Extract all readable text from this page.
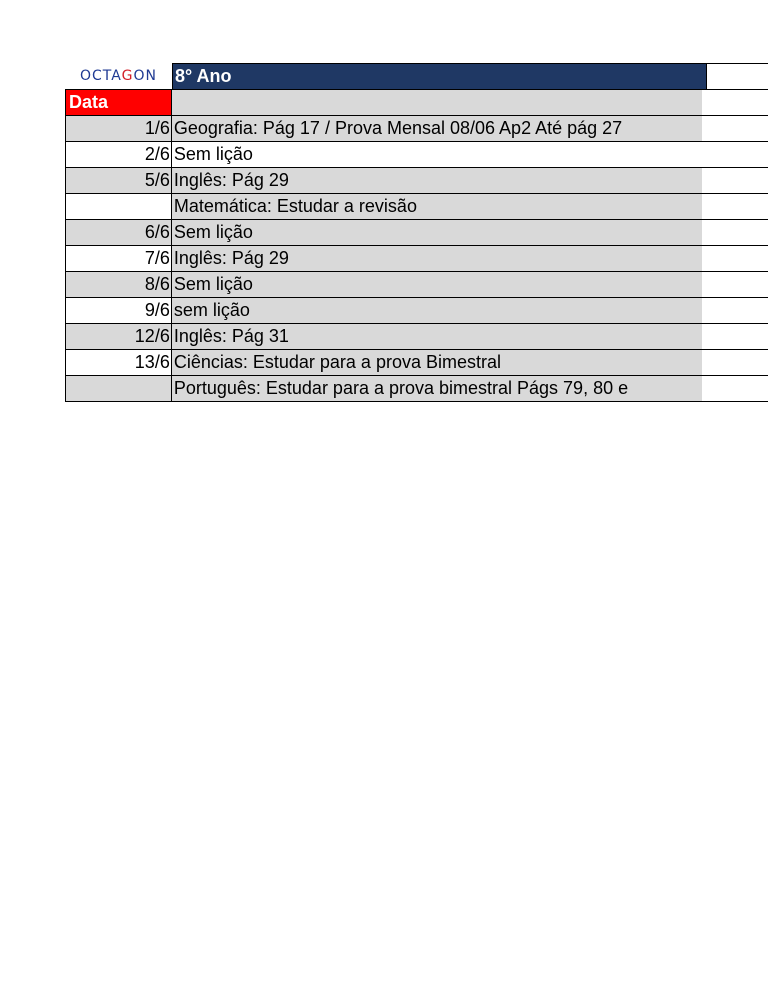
OCTAGON 8° Ano
Data
1/6 Geografia: Pág 17 / Prova Mensal 08/06 Ap2 Até pág 27
2/6 Sem lição
5/6 Inglês: Pág 29
Matemática: Estudar a revisão
6/6 Sem lição
7/6 Inglês: Pág 29
8/6 Sem lição
9/6 sem lição
12/6 Inglês: Pág 31
13/6 Ciências: Estudar para a prova Bimestral
Português: Estudar para a prova bimestral Págs 79, 80 e
